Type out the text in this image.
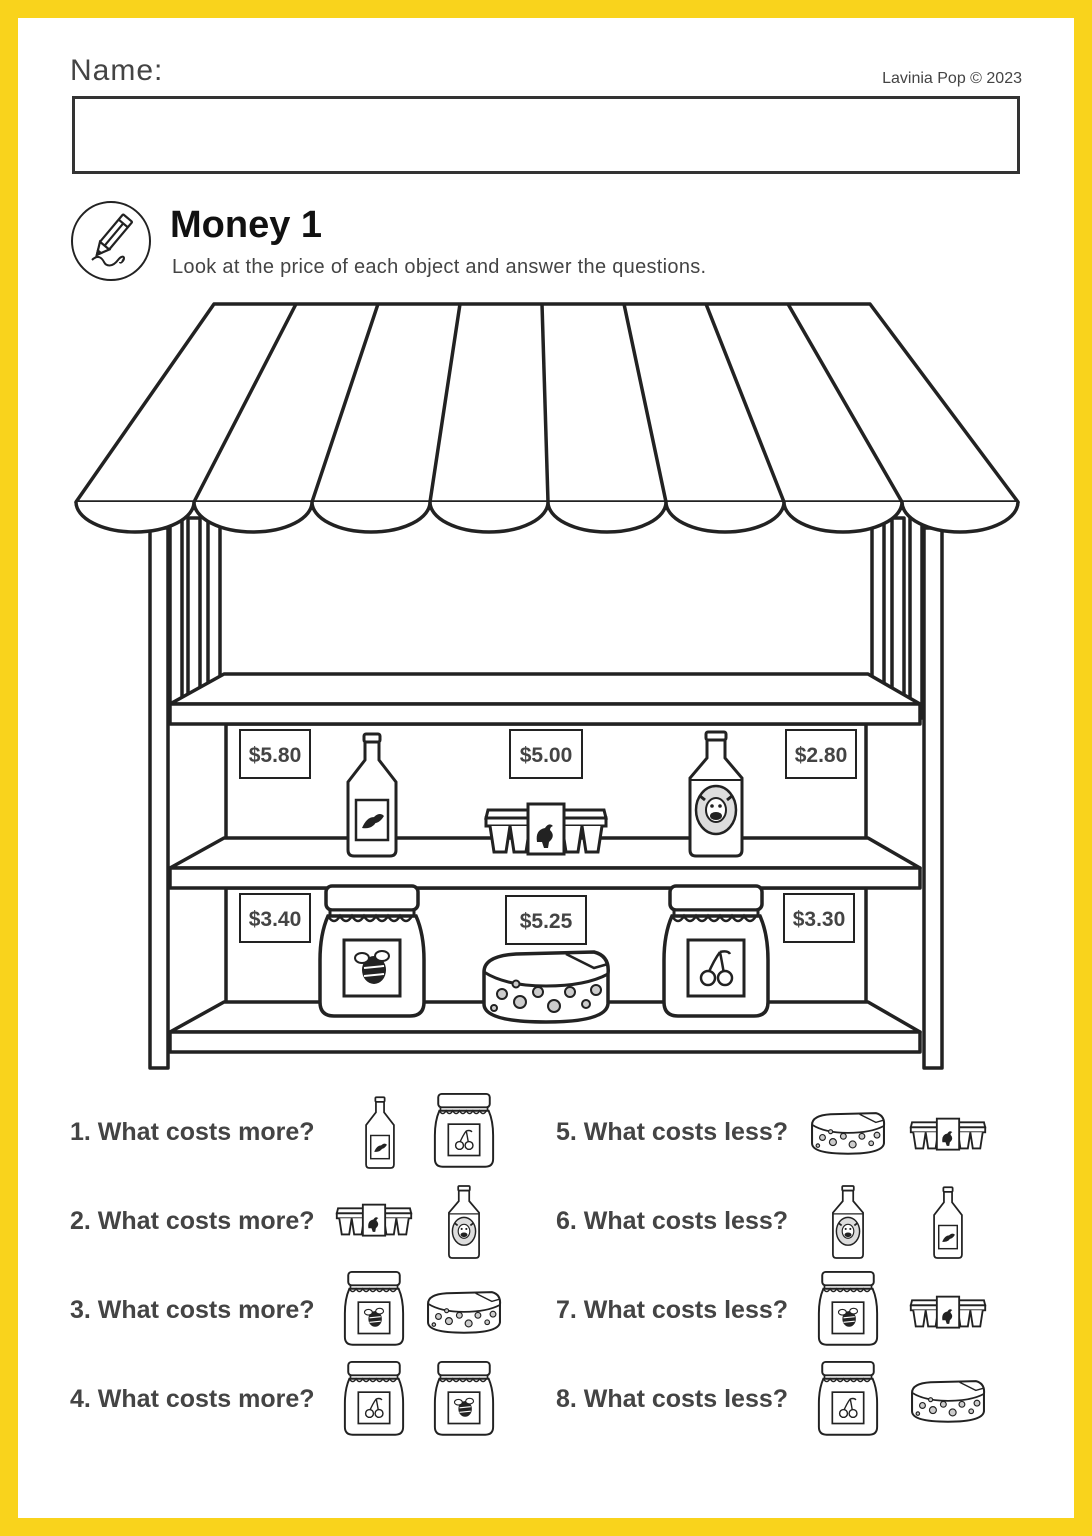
Name:	Lavinia Pop © 2023
Money 1
Look at the price of each object and answer the questions.
$5.80	$5.00	$2.80
$3.40	$5.25	$3.30
1. What costs more?
2. What costs more?
3. What costs more?
4. What costs more?
5. What costs less?
6. What costs less?
7. What costs less?
8. What costs less?
